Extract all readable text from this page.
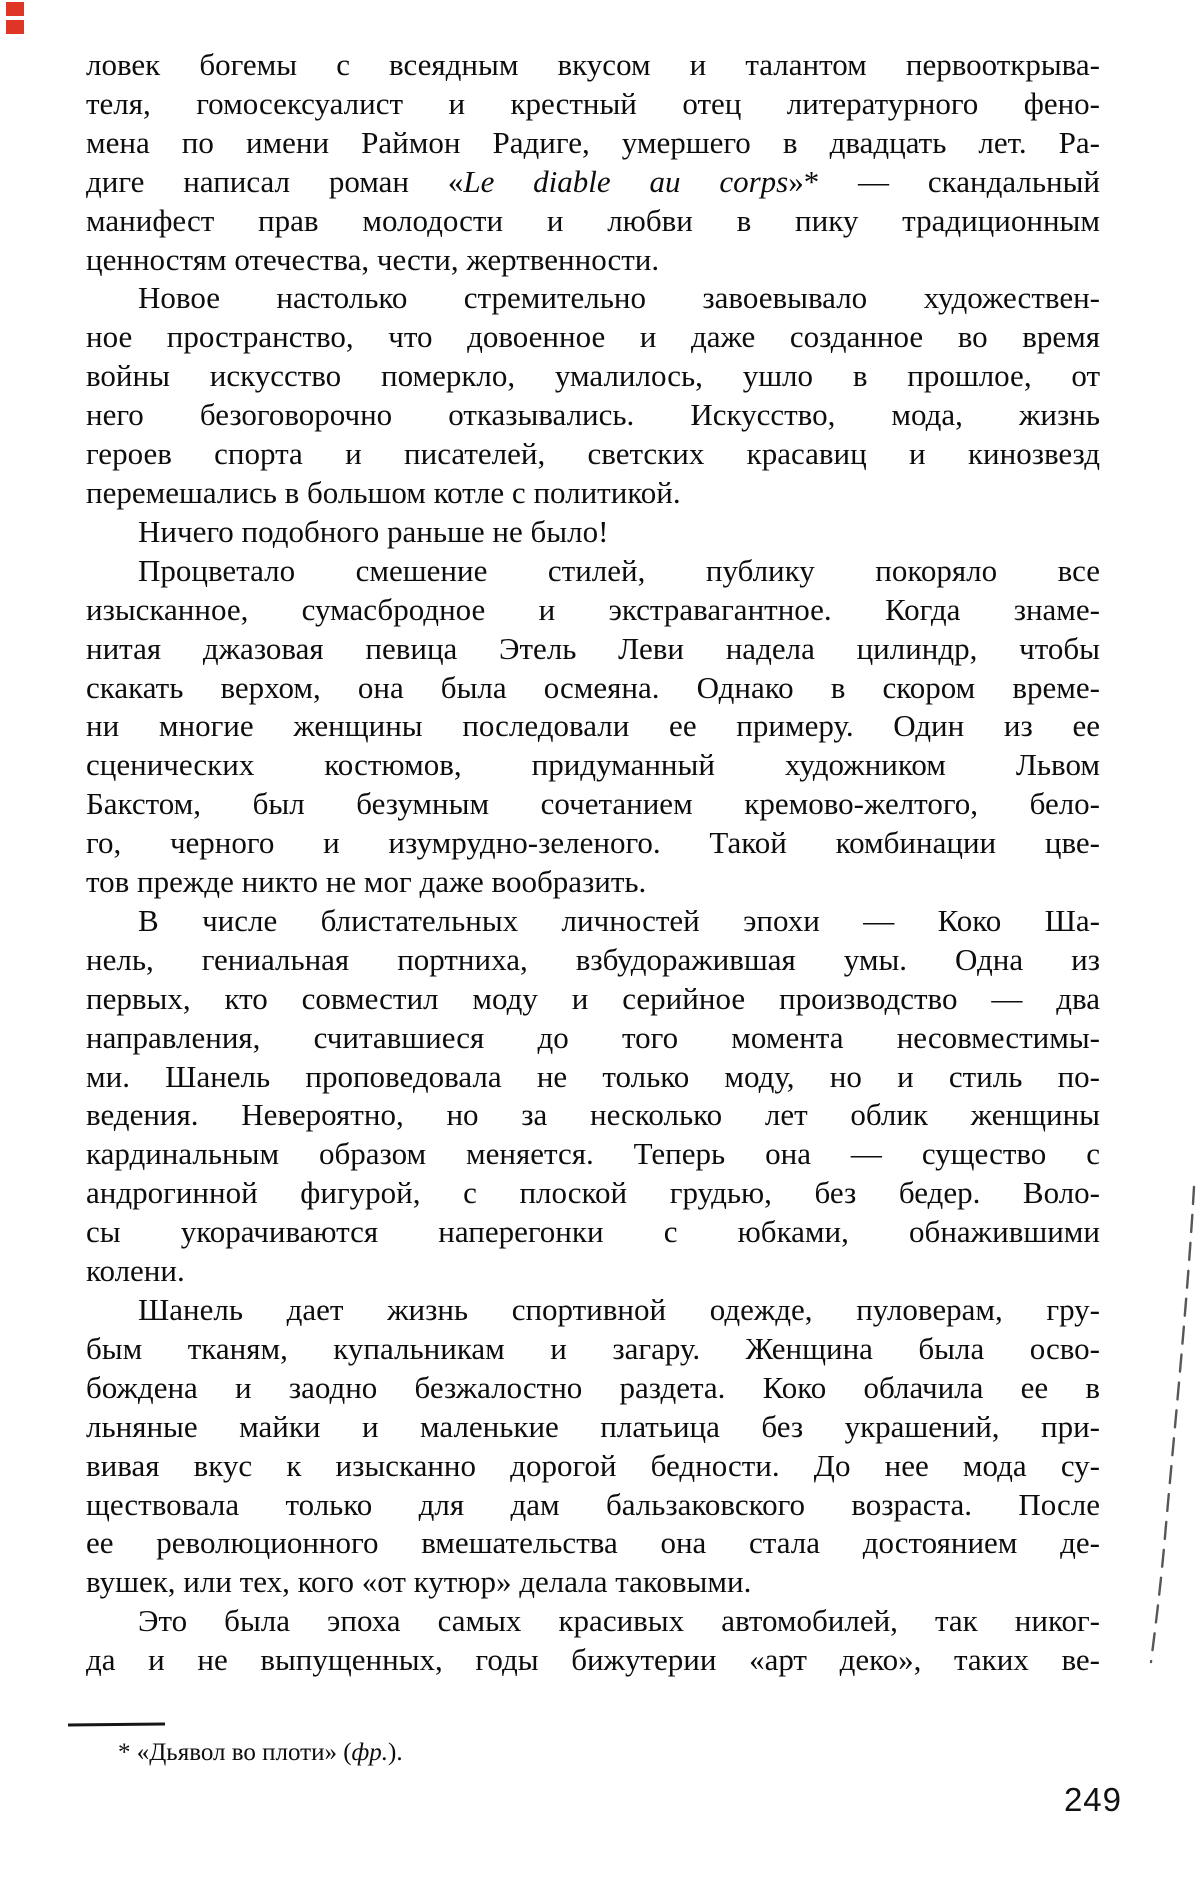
ловек богемы с всеядным вкусом и талантом первооткрыва-
теля, гомосексуалист и крестный отец литературного фено-
мена по имени Раймон Радиге, умершего в двадцать лет. Ра-
диге написал роман «Le diable au corps»* — скандальный
манифест прав молодости и любви в пику традиционным
ценностям отечества, чести, жертвенности.
Новое настолько стремительно завоевывало художествен-
ное пространство, что довоенное и даже созданное во время
войны искусство померкло, умалилось, ушло в прошлое, от
него безоговорочно отказывались. Искусство, мода, жизнь
героев спорта и писателей, светских красавиц и кинозвезд
перемешались в большом котле с политикой.
Ничего подобного раньше не было!
Процветало смешение стилей, публику покоряло все
изысканное, сумасбродное и экстравагантное. Когда знаме-
нитая джазовая певица Этель Леви надела цилиндр, чтобы
скакать верхом, она была осмеяна. Однако в скором време-
ни многие женщины последовали ее примеру. Один из ее
сценических костюмов, придуманный художником Львом
Бакстом, был безумным сочетанием кремово-желтого, бело-
го, черного и изумрудно-зеленого. Такой комбинации цве-
тов прежде никто не мог даже вообразить.
В числе блистательных личностей эпохи — Коко Ша-
нель, гениальная портниха, взбудоражившая умы. Одна из
первых, кто совместил моду и серийное производство — два
направления, считавшиеся до того момента несовместимы-
ми. Шанель проповедовала не только моду, но и стиль по-
ведения. Невероятно, но за несколько лет облик женщины
кардинальным образом меняется. Теперь она — существо с
андрогинной фигурой, с плоской грудью, без бедер. Воло-
сы укорачиваются наперегонки с юбками, обнажившими
колени.
Шанель дает жизнь спортивной одежде, пуловерам, гру-
бым тканям, купальникам и загару. Женщина была осво-
бождена и заодно безжалостно раздета. Коко облачила ее в
льняные майки и маленькие платьица без украшений, при-
вивая вкус к изысканно дорогой бедности. До нее мода су-
ществовала только для дам бальзаковского возраста. После
ее революционного вмешательства она стала достоянием де-
вушек, или тех, кого «от кутюр» делала таковыми.
Это была эпоха самых красивых автомобилей, так никог-
да и не выпущенных, годы бижутерии «арт деко», таких ве-
* «Дьявол во плоти» (фр.).
249
